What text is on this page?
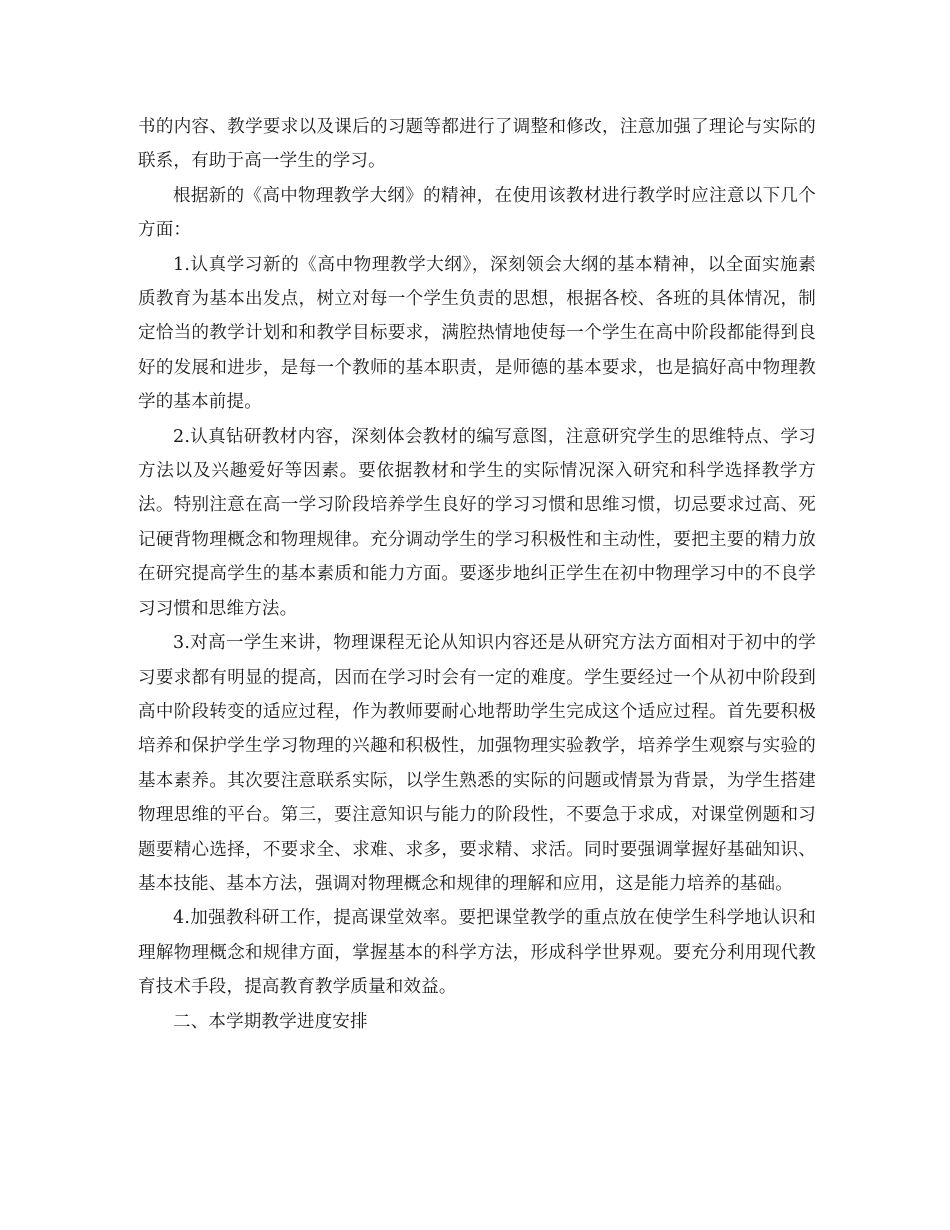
书的内容、教学要求以及课后的习题等都进行了调整和修改，注意加强了理论与实际的联系，有助于高一学生的学习。

根据新的《高中物理教学大纲》的精神，在使用该教材进行教学时应注意以下几个方面：

1.认真学习新的《高中物理教学大纲》，深刻领会大纲的基本精神，以全面实施素质教育为基本出发点，树立对每一个学生负责的思想，根据各校、各班的具体情况，制定恰当的教学计划和和教学目标要求，满腔热情地使每一个学生在高中阶段都能得到良好的发展和进步，是每一个教师的基本职责，是师德的基本要求，也是搞好高中物理教学的基本前提。

2.认真钻研教材内容，深刻体会教材的编写意图，注意研究学生的思维特点、学习方法以及兴趣爱好等因素。要依据教材和学生的实际情况深入研究和科学选择教学方法。特别注意在高一学习阶段培养学生良好的学习习惯和思维习惯，切忌要求过高、死记硬背物理概念和物理规律。充分调动学生的学习积极性和主动性，要把主要的精力放在研究提高学生的基本素质和能力方面。要逐步地纠正学生在初中物理学习中的不良学习习惯和思维方法。

3.对高一学生来讲，物理课程无论从知识内容还是从研究方法方面相对于初中的学习要求都有明显的提高，因而在学习时会有一定的难度。学生要经过一个从初中阶段到高中阶段转变的适应过程，作为教师要耐心地帮助学生完成这个适应过程。首先要积极培养和保护学生学习物理的兴趣和积极性，加强物理实验教学，培养学生观察与实验的基本素养。其次要注意联系实际，以学生熟悉的实际的问题或情景为背景，为学生搭建物理思维的平台。第三，要注意知识与能力的阶段性，不要急于求成，对课堂例题和习题要精心选择，不要求全、求难、求多，要求精、求活。同时要强调掌握好基础知识、基本技能、基本方法，强调对物理概念和规律的理解和应用，这是能力培养的基础。

4.加强教科研工作，提高课堂效率。要把课堂教学的重点放在使学生科学地认识和理解物理概念和规律方面，掌握基本的科学方法，形成科学世界观。要充分利用现代教育技术手段，提高教育教学质量和效益。

二、本学期教学进度安排
